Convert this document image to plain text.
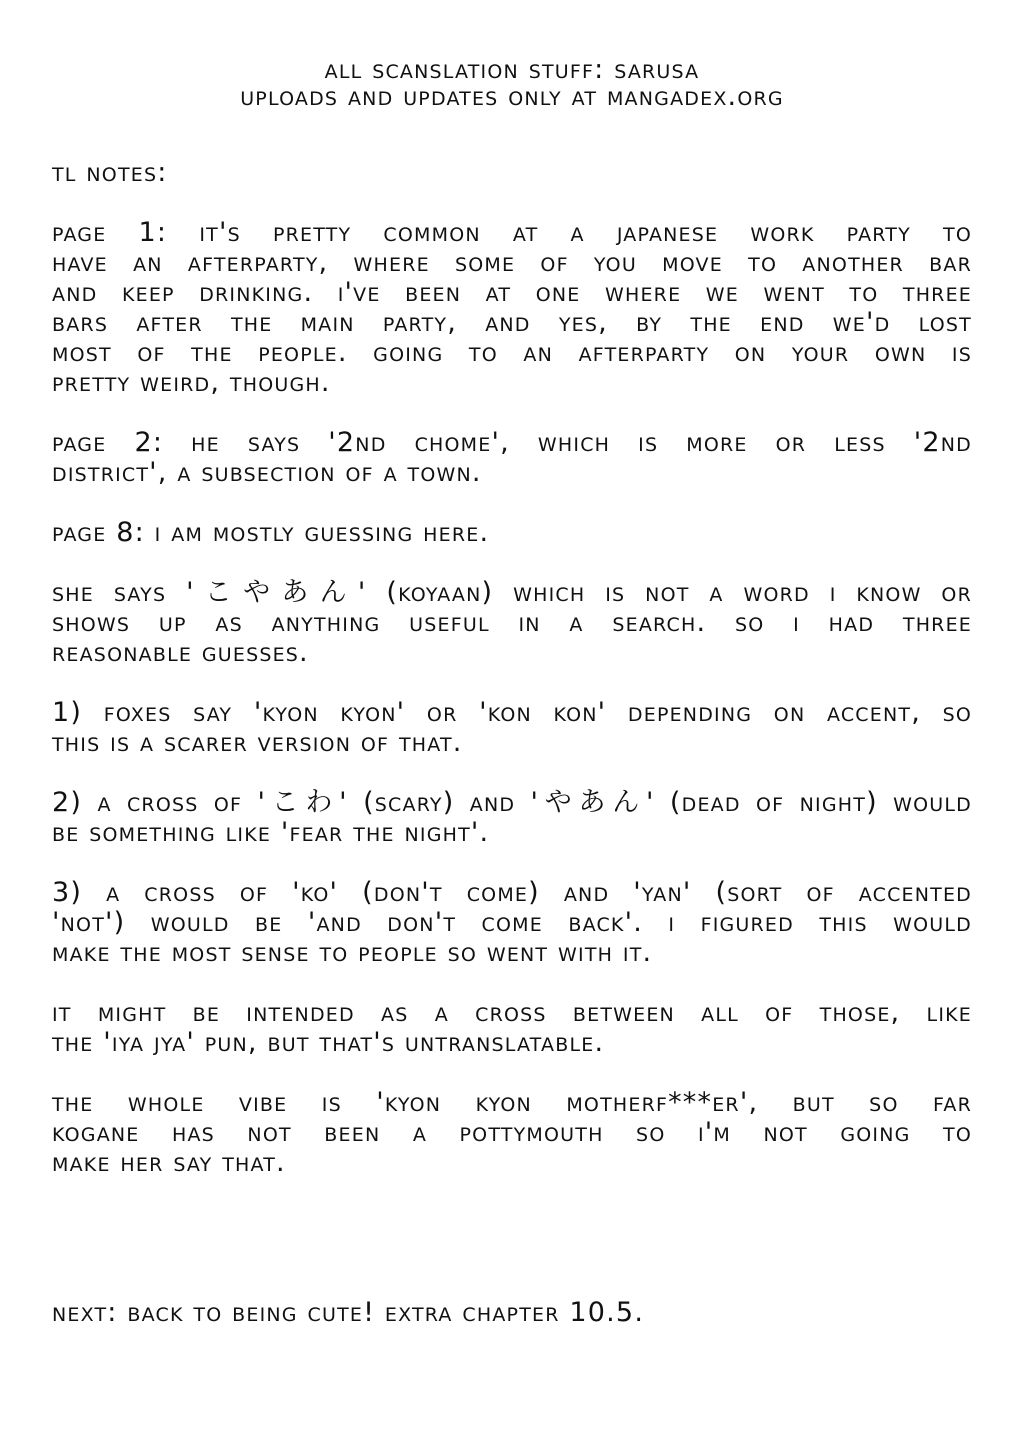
all scanslation stuff: sarusa
uploads and updates only at mangadex.org
tl notes:
page 1: it's pretty common at a japanese work party to
have an afterparty, where some of you move to another bar
and keep drinking. i've been at one where we went to three
bars after the main party, and yes, by the end we'd lost
most of the people. going to an afterparty on your own is
pretty weird, though.
page 2: he says '2nd chome', which is more or less '2nd
district', a subsection of a town.
page 8: i am mostly guessing here.
she says 'こやあん' (koyaan) which is not a word i know or
shows up as anything useful in a search. so i had three
reasonable guesses.
1) foxes say 'kyon kyon' or 'kon kon' depending on accent, so
this is a scarer version of that.
2) a cross of 'こわ' (scary) and 'やあん' (dead of night) would
be something like 'fear the night'.
3) a cross of 'ko' (don't come) and 'yan' (sort of accented
'not') would be 'and don't come back'. i figured this would
make the most sense to people so went with it.
it might be intended as a cross between all of those, like
the 'iya jya' pun, but that's untranslatable.
the whole vibe is 'kyon kyon motherf***er', but so far
kogane has not been a pottymouth so i'm not going to
make her say that.
next: back to being cute! extra chapter 10.5.
